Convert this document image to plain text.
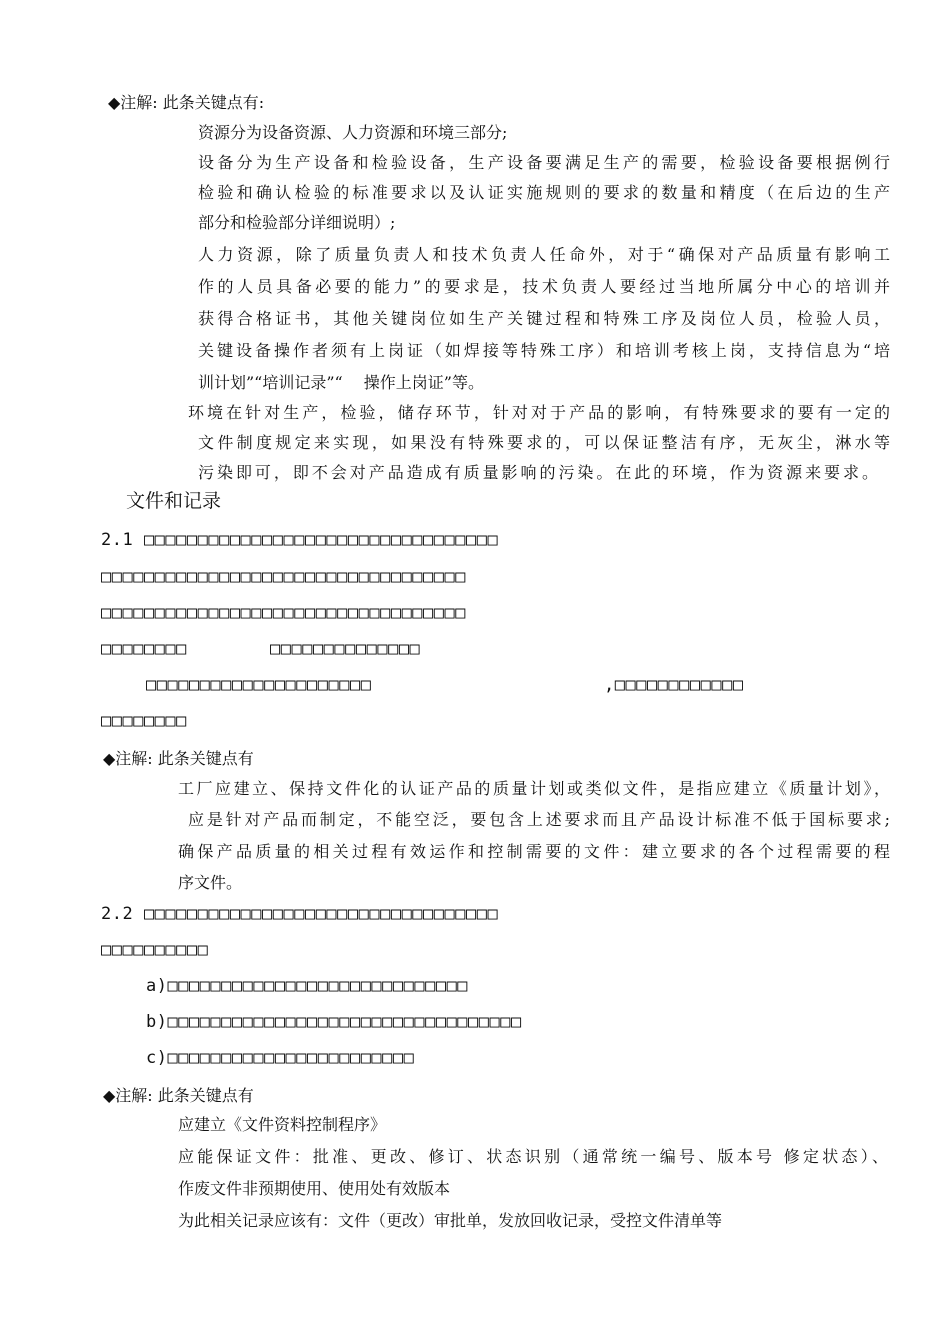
◆注解: 此条关键点有:
资源分为设备资源、人力资源和环境三部分;
设备分为生产设备和检验设备，生产设备要满足生产的需要，检验设备要根据例行
检验和确认检验的标准要求以及认证实施规则的要求的数量和精度（在后边的生产
部分和检验部分详细说明）;
人力资源，除了质量负责人和技术负责人任命外，对于“确保对产品质量有影响工
作的人员具备必要的能力”的要求是，技术负责人要经过当地所属分中心的培训并
获得合格证书，其他关键岗位如生产关键过程和特殊工序及岗位人员，检验人员，
关键设备操作者须有上岗证（如焊接等特殊工序）和培训考核上岗，支持信息为“培
训计划”“培训记录”“　 操作上岗证”等。
环境在针对生产，检验，储存环节，针对对于产品的影响，有特殊要求的要有一定的
文件制度规定来实现，如果没有特殊要求的，可以保证整洁有序，无灰尘，淋水等
污染即可，即不会对产品造成有质量影响的污染。在此的环境，作为资源来要求。
文件和记录
2.1 □□□□□□□□□□□□□□□□□□□□□□□□□□□□□□□□□
□□□□□□□□□□□□□□□□□□□□□□□□□□□□□□□□□□
□□□□□□□□□□□□□□□□□□□□□□□□□□□□□□□□□□
□□□□□□□□	□□□□□□□□□□□□□□
□□□□□□□□□□□□□□□□□□□□□	,□□□□□□□□□□□□
□□□□□□□□
◆注解: 此条关键点有
工厂应建立、保持文件化的认证产品的质量计划或类似文件，是指应建立《质量计划》，
应是针对产品而制定，不能空泛，要包含上述要求而且产品设计标准不低于国标要求;
确保产品质量的相关过程有效运作和控制需要的文件：建立要求的各个过程需要的程
序文件。
2.2 □□□□□□□□□□□□□□□□□□□□□□□□□□□□□□□□□
□□□□□□□□□□
a)□□□□□□□□□□□□□□□□□□□□□□□□□□□□
b)□□□□□□□□□□□□□□□□□□□□□□□□□□□□□□□□□
c)□□□□□□□□□□□□□□□□□□□□□□□
◆注解: 此条关键点有
应建立《文件资料控制程序》
应能保证文件：批准、更改、修订、状态识别（通常统一编号、版本号 修定状态）、
作废文件非预期使用、使用处有效版本
为此相关记录应该有：文件（更改）审批单，发放回收记录，受控文件清单等
